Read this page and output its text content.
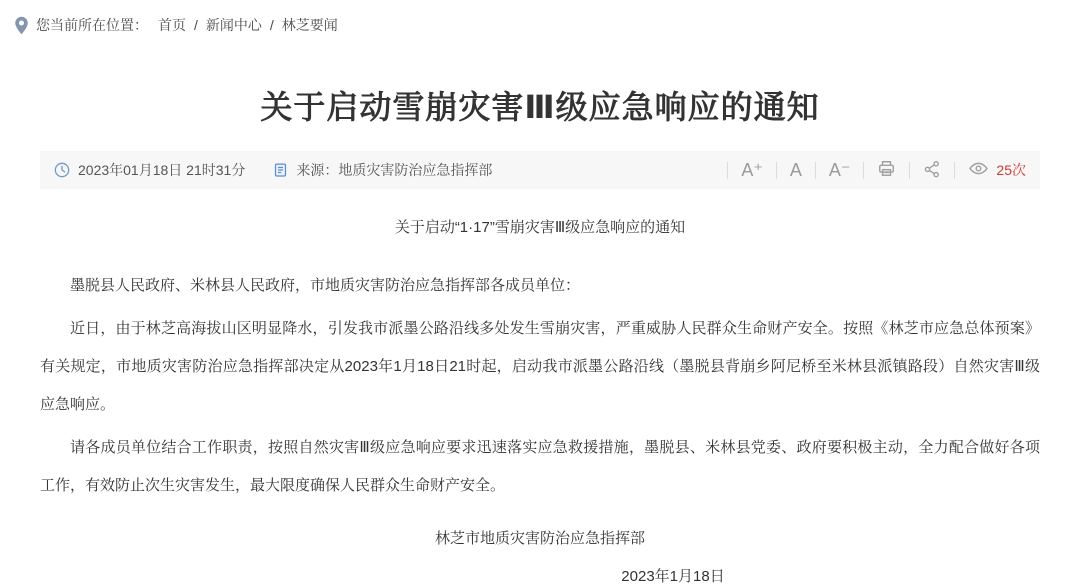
您当前所在位置： 首页 / 新闻中心 / 林芝要闻
关于启动雪崩灾害Ⅲ级应急响应的通知
2023年01月18日 21时31分	来源：地质灾害防治应急指挥部	A⁺ A A⁻	25次
关于启动“1·17”雪崩灾害Ⅲ级应急响应的通知

墨脱县人民政府、米林县人民政府，市地质灾害防治应急指挥部各成员单位：

近日，由于林芝高海拔山区明显降水，引发我市派墨公路沿线多处发生雪崩灾害，严重威胁人民群众生命财产安全。按照《林芝市应急总体预案》有关规定，市地质灾害防治应急指挥部决定从2023年1月18日21时起，启动我市派墨公路沿线（墨脱县背崩乡阿尼桥至米林县派镇路段）自然灾害Ⅲ级应急响应。

请各成员单位结合工作职责，按照自然灾害Ⅲ级应急响应要求迅速落实应急救援措施，墨脱县、米林县党委、政府要积极主动，全力配合做好各项工作，有效防止次生灾害发生，最大限度确保人民群众生命财产安全。

林芝市地质灾害防治应急指挥部
2023年1月18日
